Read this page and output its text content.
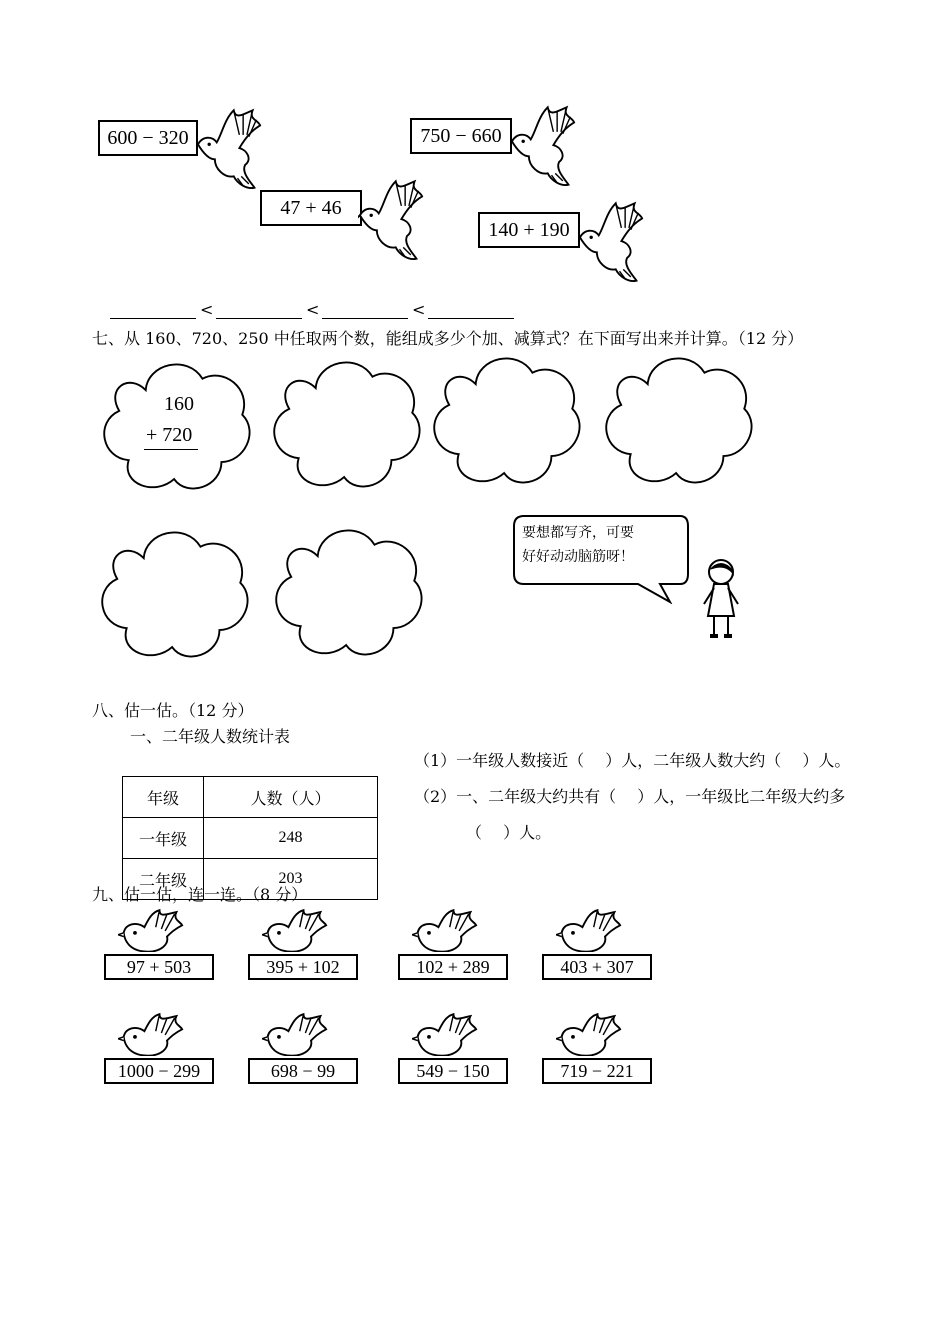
600 − 320	750 − 660
47 + 46
140 + 190
<	<	<
七、从 160、720、250 中任取两个数，能组成多少个加、减算式？在下面写出来并计算。（12 分）
160
+ 720
要想都写齐，可要
好好动动脑筋呀！
八、估一估。（12 分）
一、二年级人数统计表
年级	人数（人）
一年级	248
二年级	203
（1）一年级人数接近（　 ）人，二年级人数大约（　 ）人。
（2）一、二年级大约共有（　 ）人，一年级比二年级大约多
（　 ）人。
九、估一估，连一连。（8 分）
97 + 503	395 + 102	102 + 289	403 + 307
1000 − 299	698 − 99	549 − 150	719 − 221
